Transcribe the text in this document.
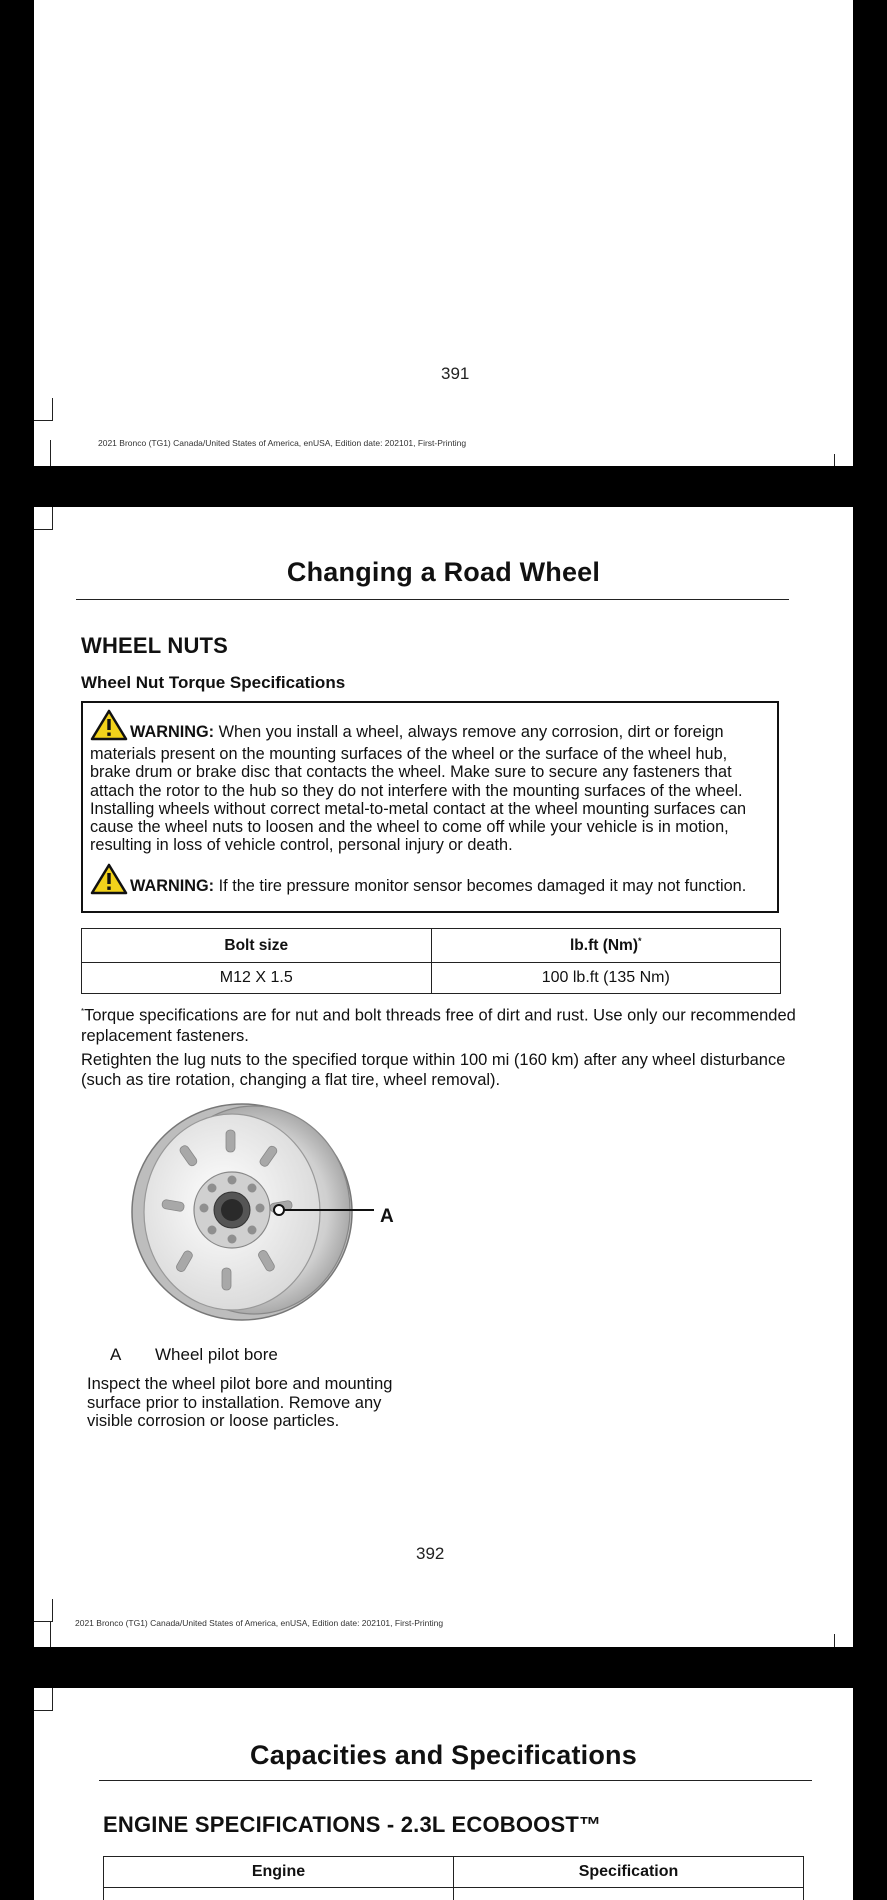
391
2021 Bronco (TG1) Canada/United States of America, enUSA, Edition date: 202101, First-Printing
Changing a Road Wheel
WHEEL NUTS
Wheel Nut Torque Specifications

WARNING: When you install a wheel, always remove any corrosion, dirt or foreign materials present on the mounting surfaces of the wheel or the surface of the wheel hub, brake drum or brake disc that contacts the wheel. Make sure to secure any fasteners that attach the rotor to the hub so they do not interfere with the mounting surfaces of the wheel. Installing wheels without correct metal-to-metal contact at the wheel mounting surfaces can cause the wheel nuts to loosen and the wheel to come off while your vehicle is in motion, resulting in loss of vehicle control, personal injury or death.

WARNING: If the tire pressure monitor sensor becomes damaged it may not function.

Bolt size	lb.ft (Nm)*
M12 X 1.5	100 lb.ft (135 Nm)
*Torque specifications are for nut and bolt threads free of dirt and rust. Use only our recommended replacement fasteners.
Retighten the lug nuts to the specified torque within 100 mi (160 km) after any wheel disturbance (such as tire rotation, changing a flat tire, wheel removal).
A
A Wheel pilot bore
Inspect the wheel pilot bore and mounting surface prior to installation. Remove any visible corrosion or loose particles.
392
2021 Bronco (TG1) Canada/United States of America, enUSA, Edition date: 202101, First-Printing
Capacities and Specifications
ENGINE SPECIFICATIONS - 2.3L ECOBOOST™
Engine	Specification
